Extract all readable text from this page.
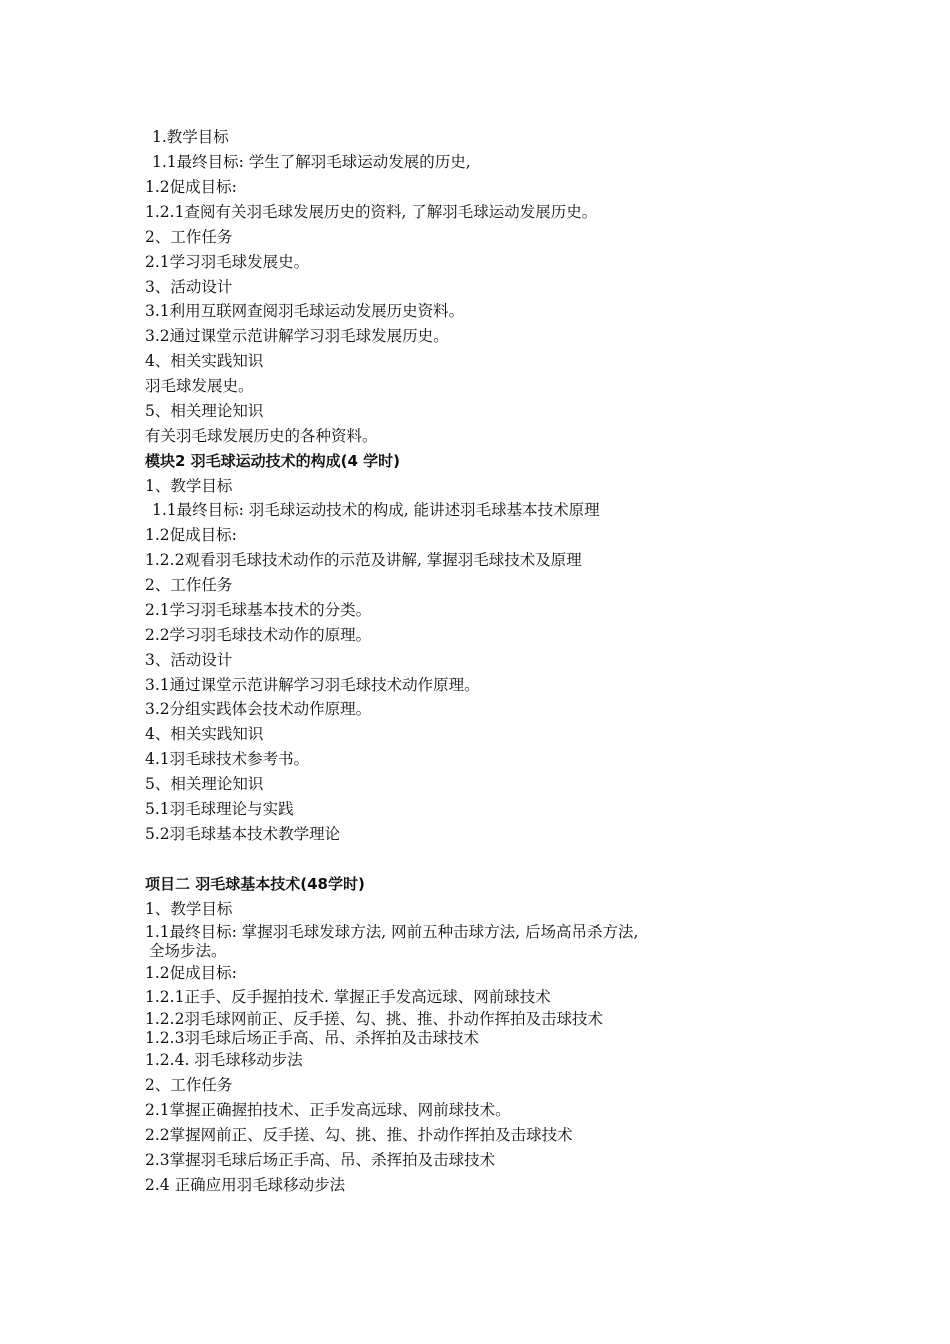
1.教学目标
1.1最终目标: 学生了解羽毛球运动发展的历史,
1.2促成目标:
1.2.1查阅有关羽毛球发展历史的资料, 了解羽毛球运动发展历史。
2、工作任务
2.1学习羽毛球发展史。
3、活动设计
3.1利用互联网查阅羽毛球运动发展历史资料。
3.2通过课堂示范讲解学习羽毛球发展历史。
4、相关实践知识
羽毛球发展史。
5、相关理论知识
有关羽毛球发展历史的各种资料。
模块2 羽毛球运动技术的构成(4 学时)
1、教学目标
1.1最终目标: 羽毛球运动技术的构成, 能讲述羽毛球基本技术原理
1.2促成目标:
1.2.2观看羽毛球技术动作的示范及讲解, 掌握羽毛球技术及原理
2、工作任务
2.1学习羽毛球基本技术的分类。
2.2学习羽毛球技术动作的原理。
3、活动设计
3.1通过课堂示范讲解学习羽毛球技术动作原理。
3.2分组实践体会技术动作原理。
4、相关实践知识
4.1羽毛球技术参考书。
5、相关理论知识
5.1羽毛球理论与实践
5.2羽毛球基本技术教学理论
项目二 羽毛球基本技术(48学时)
1、教学目标
1.1最终目标: 掌握羽毛球发球方法, 网前五种击球方法, 后场高吊杀方法,
全场步法。
1.2促成目标:
1.2.1正手、反手握拍技术. 掌握正手发高远球、网前球技术
1.2.2羽毛球网前正、反手搓、勾、挑、推、扑动作挥拍及击球技术
1.2.3羽毛球后场正手高、吊、杀挥拍及击球技术
1.2.4. 羽毛球移动步法
2、工作任务
2.1掌握正确握拍技术、正手发高远球、网前球技术。
2.2掌握网前正、反手搓、勾、挑、推、扑动作挥拍及击球技术
2.3掌握羽毛球后场正手高、吊、杀挥拍及击球技术
2.4 正确应用羽毛球移动步法
